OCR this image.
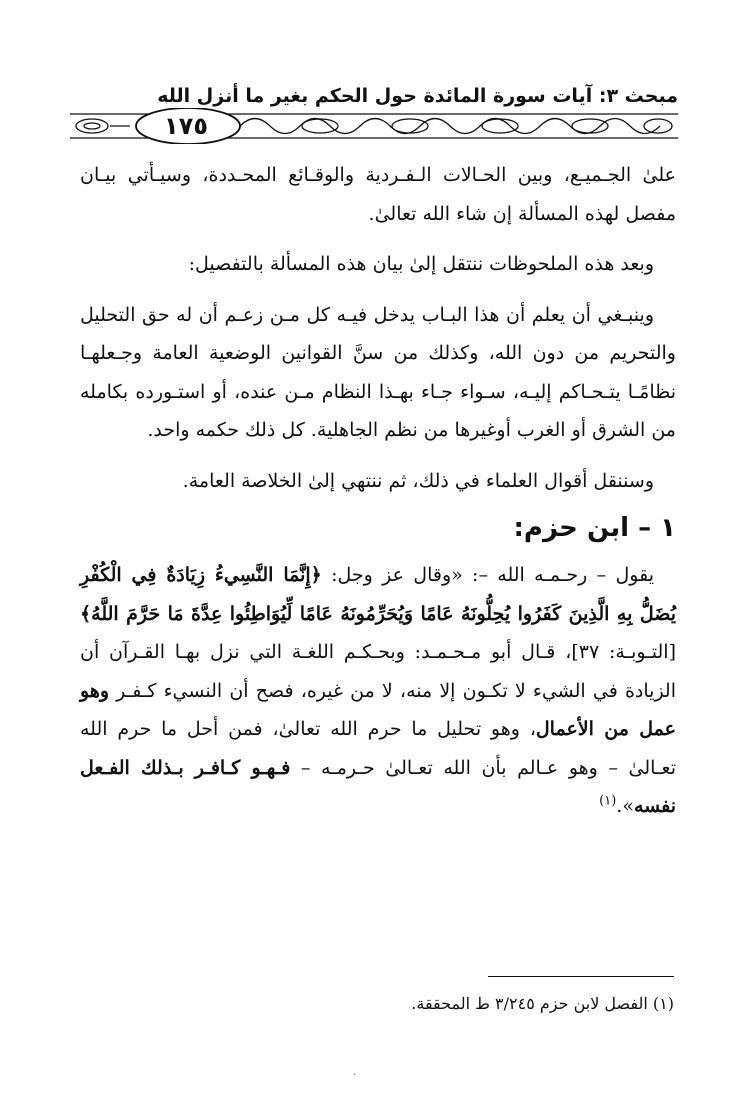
مبحث ٣: آيات سورة المائدة حول الحكم بغير ما أنزل الله
١٧٥

علىٰ الجـميـع، وبين الحـالات الـفـردية والوقـائع المحـددة، وسيـأتي بيـان مفصل لهذه المسألة إن شاء الله تعالىٰ.

وبعد هذه الملحوظات ننتقل إلىٰ بيان هذه المسألة بالتفصيل:

وينبـغي أن يعلم أن هذا البـاب يدخل فيـه كل مـن زعـم أن له حق التحليل والتحريم من دون الله، وكذلك من سنَّ القوانين الوضعية العامة وجـعلهـا نظامًـا يتـحـاكم إليـه، سـواء جـاء بهـذا النظام مـن عنده، أو استـورده بكامله من الشرق أو الغرب أوغيرها من نظم الجاهلية. كل ذلك حكمه واحد.

وسننقل أقوال العلماء في ذلك، ثم ننتهي إلىٰ الخلاصة العامة.

١ – ابن حزم:

يقول – رحـمـه الله –: «وقال عز وجل: ﴿إِنَّمَا النَّسِيءُ زِيَادَةٌ فِي الْكُفْرِ يُضَلُّ بِهِ الَّذِينَ كَفَرُوا يُحِلُّونَهُ عَامًا وَيُحَرِّمُونَهُ عَامًا لِّيُوَاطِئُوا عِدَّةَ مَا حَرَّمَ اللَّهُ﴾ [التـوبـة: ٣٧]، قـال أبو مـحـمـد: وبحـكـم اللغـة التي نزل بهـا القـرآن أن الزيادة في الشيء لا تكـون إلا منه، لا من غيره، فصح أن النسيء كـفـر وهو عمل من الأعمال، وهو تحليل ما حرم الله تعالىٰ، فمن أحل ما حرم الله تعـالىٰ – وهو عـالم بأن الله تعـالىٰ حـرمـه – فـهـو كـافـر بـذلك الفـعل نفسه».$^{(١)}$

(١) الفصل لابن حزم ٣/٢٤٥ ط المحققة.
·
